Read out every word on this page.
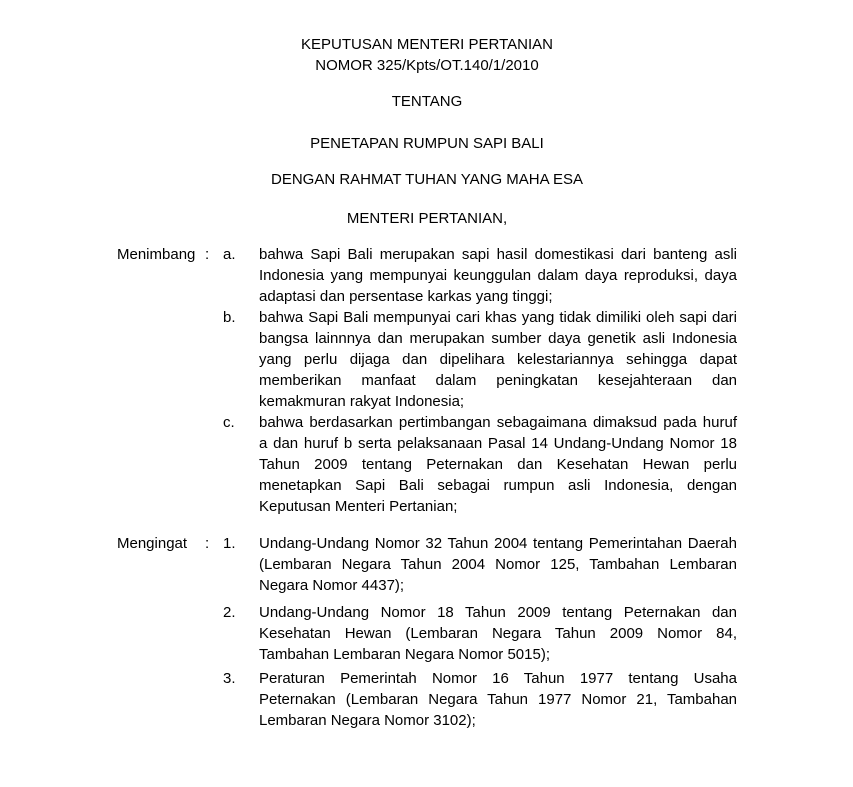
KEPUTUSAN MENTERI PERTANIAN
NOMOR 325/Kpts/OT.140/1/2010
TENTANG
PENETAPAN RUMPUN SAPI BALI
DENGAN RAHMAT TUHAN YANG MAHA ESA
MENTERI PERTANIAN,
Menimbang : a.	bahwa Sapi Bali merupakan sapi hasil domestikasi dari banteng asli Indonesia yang mempunyai keunggulan dalam daya reproduksi, daya adaptasi dan persentase karkas yang tinggi;
b.	bahwa Sapi Bali mempunyai cari khas yang tidak dimiliki oleh sapi dari bangsa lainnnya dan merupakan sumber daya genetik asli Indonesia yang perlu dijaga dan dipelihara kelestariannya sehingga dapat memberikan manfaat dalam peningkatan kesejahteraan dan kemakmuran rakyat Indonesia;
c.	bahwa berdasarkan pertimbangan sebagaimana dimaksud pada huruf a dan huruf b serta pelaksanaan Pasal 14 Undang-Undang Nomor 18 Tahun 2009 tentang Peternakan dan Kesehatan Hewan perlu menetapkan Sapi Bali sebagai rumpun asli Indonesia, dengan Keputusan Menteri Pertanian;
Mengingat	: 1.	Undang-Undang Nomor 32 Tahun 2004 tentang Pemerintahan Daerah (Lembaran Negara Tahun 2004 Nomor 125, Tambahan Lembaran Negara Nomor 4437);
2.	Undang-Undang Nomor 18 Tahun 2009 tentang Peternakan dan Kesehatan Hewan (Lembaran Negara Tahun 2009 Nomor 84, Tambahan Lembaran Negara Nomor 5015);
3.	Peraturan Pemerintah Nomor 16 Tahun 1977 tentang Usaha Peternakan (Lembaran Negara Tahun 1977 Nomor 21, Tambahan Lembaran Negara Nomor 3102);
